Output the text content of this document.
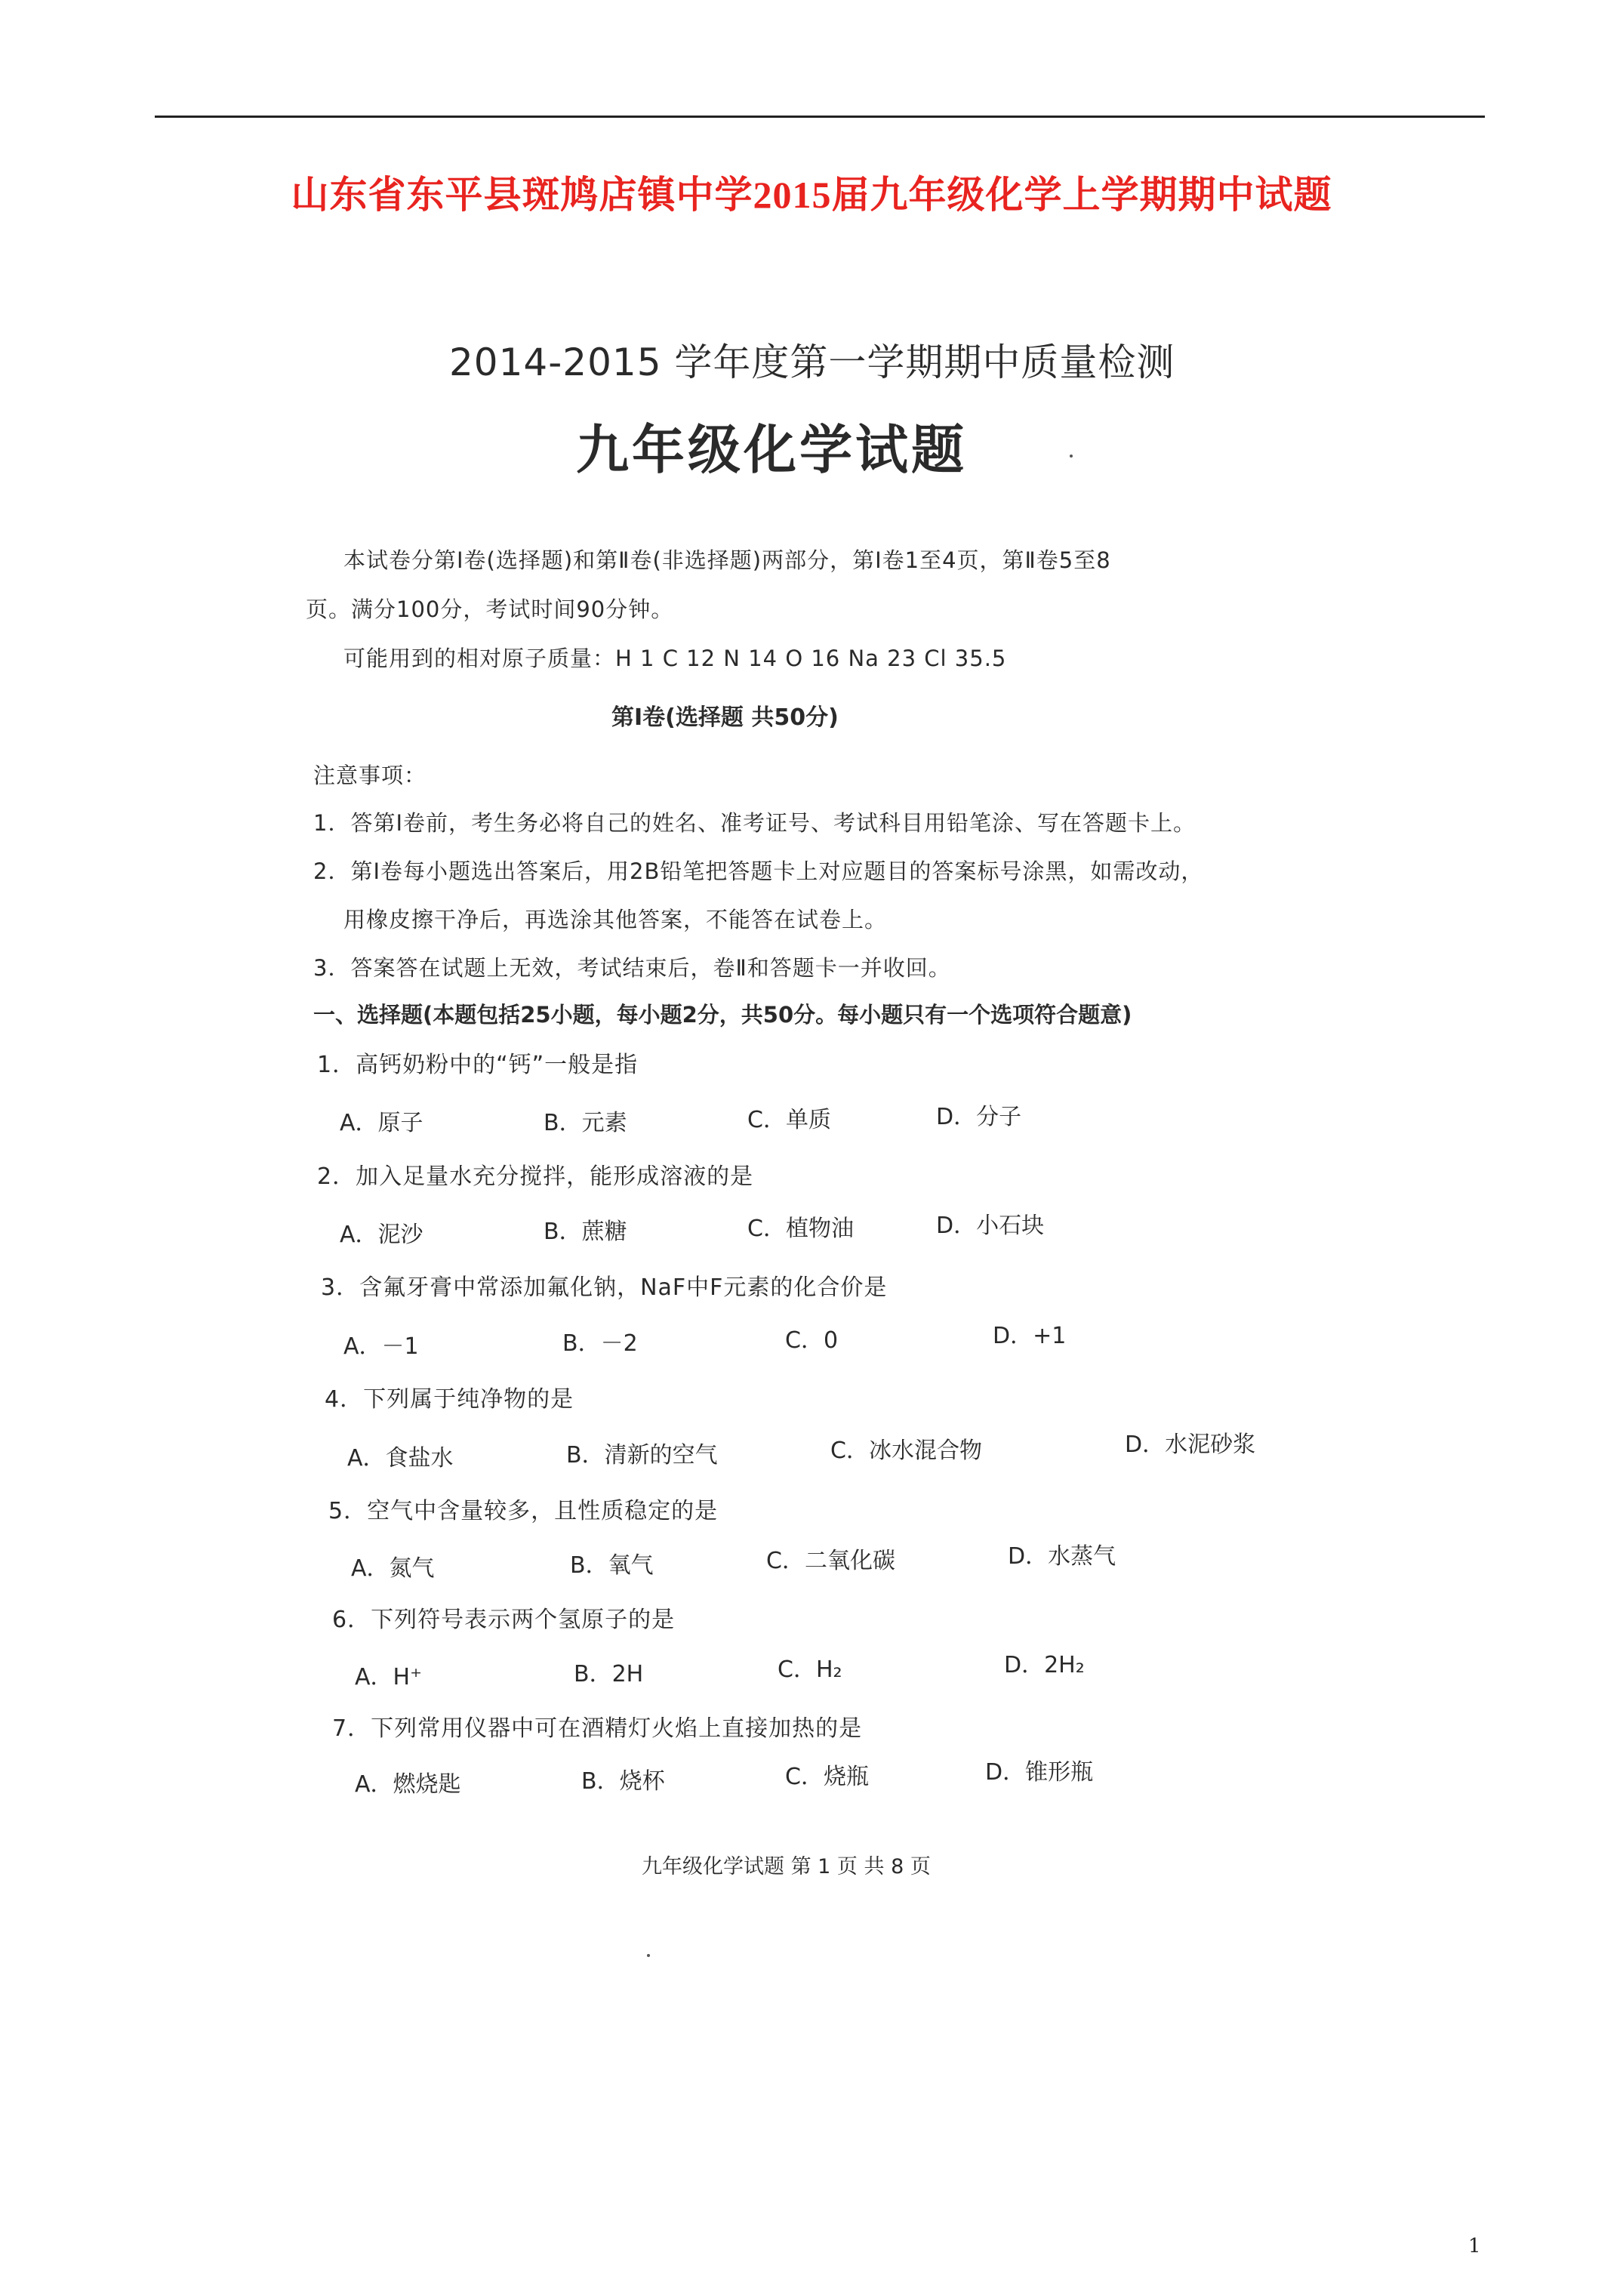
山东省东平县斑鸠店镇中学2015届九年级化学上学期期中试题
2014-2015 学年度第一学期期中质量检测
九年级化学试题
本试卷分第Ⅰ卷(选择题)和第Ⅱ卷(非选择题)两部分，第Ⅰ卷1至4页，第Ⅱ卷5至8
页。满分100分，考试时间90分钟。
可能用到的相对原子质量：H 1 C 12 N 14 O 16 Na 23 Cl 35.5
第Ⅰ卷(选择题 共50分)
注意事项：
1．答第Ⅰ卷前，考生务必将自己的姓名、准考证号、考试科目用铅笔涂、写在答题卡上。
2．第Ⅰ卷每小题选出答案后，用2B铅笔把答题卡上对应题目的答案标号涂黑，如需改动，
用橡皮擦干净后，再选涂其他答案，不能答在试卷上。
3．答案答在试题上无效，考试结束后，卷Ⅱ和答题卡一并收回。
一、选择题(本题包括25小题，每小题2分，共50分。每小题只有一个选项符合题意)
1．高钙奶粉中的“钙”一般是指
A．原子	B．元素	C．单质	D．分子
2．加入足量水充分搅拌，能形成溶液的是
A．泥沙	B．蔗糖	C．植物油	D．小石块
3．含氟牙膏中常添加氟化钠，NaF中F元素的化合价是
A．－1	B．－2	C．0	D．+1
4．下列属于纯净物的是
A．食盐水	B．清新的空气	C．冰水混合物	D．水泥砂浆
5．空气中含量较多，且性质稳定的是
A．氮气	B．氧气	C．二氧化碳	D．水蒸气
6．下列符号表示两个氢原子的是
A．H⁺	B．2H	C．H₂	D．2H₂
7．下列常用仪器中可在酒精灯火焰上直接加热的是
A．燃烧匙	B．烧杯	C．烧瓶	D．锥形瓶
九年级化学试题 第 1 页 共 8 页
1
